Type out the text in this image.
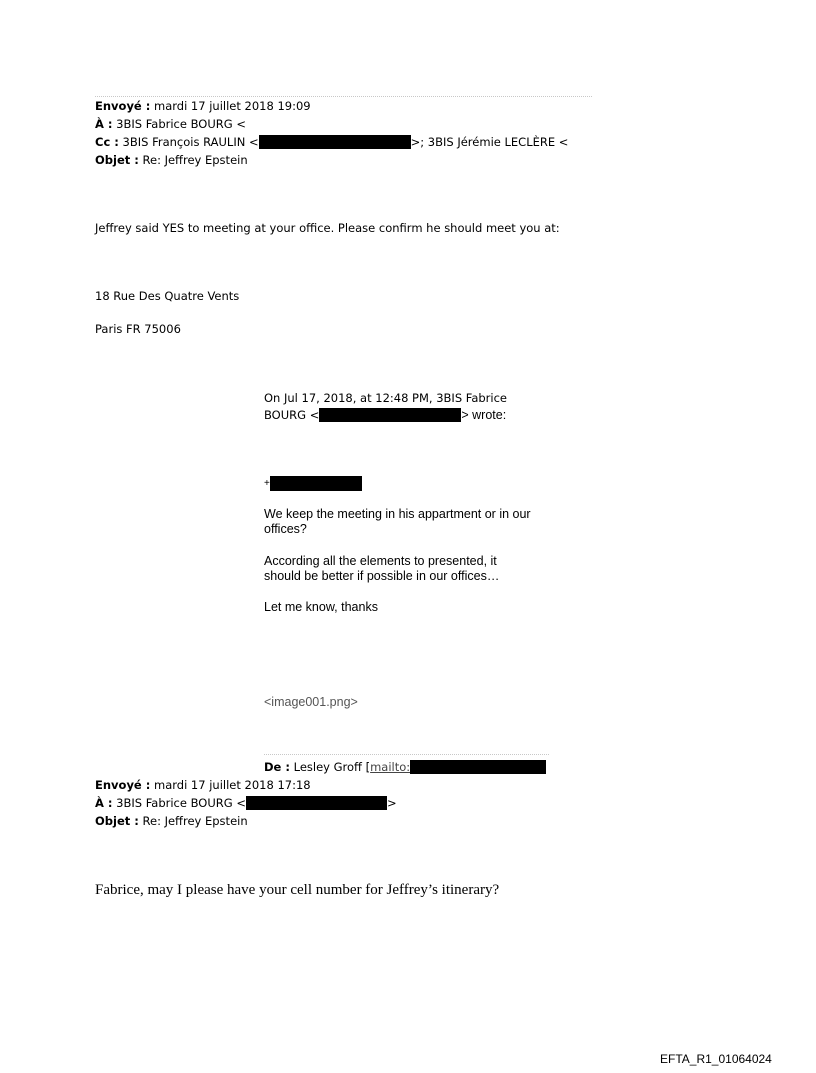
Envoyé : mardi 17 juillet 2018 19:09
À : 3BIS Fabrice BOURG <
Cc : 3BIS François RAULIN <	>; 3BIS Jérémie LECLÈRE <
Objet : Re: Jeffrey Epstein
Jeffrey said YES to meeting at your office. Please confirm he should meet you at:
18 Rue Des Quatre Vents
Paris FR 75006
On Jul 17, 2018, at 12:48 PM, 3BIS Fabrice
BOURG <	> wrote:
+
We keep the meeting in his appartment or in our
offices?
According all the elements to presented, it
should be better if possible in our offices…
Let me know, thanks
<image001.png>
De : Lesley Groff [mailto:
Envoyé : mardi 17 juillet 2018 17:18
À : 3BIS Fabrice BOURG <	>
Objet : Re: Jeffrey Epstein
Fabrice, may I please have your cell number for Jeffrey’s itinerary?
EFTA_R1_01064024
